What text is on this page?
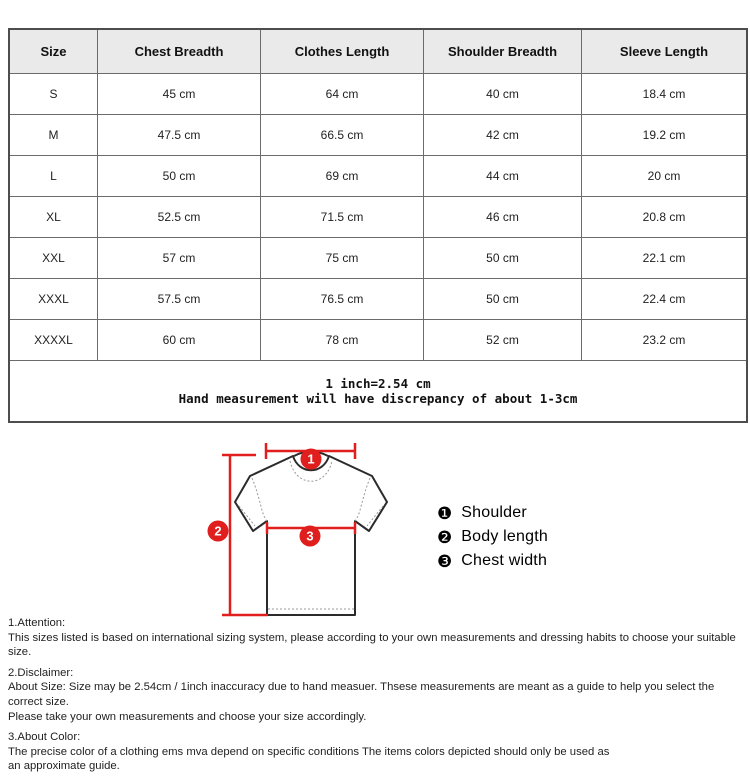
Size	Chest Breadth	Clothes Length	Shoulder Breadth	Sleeve Length
S	45 cm	64 cm	40 cm	18.4 cm
M	47.5 cm	66.5 cm	42 cm	19.2 cm
L	50 cm	69 cm	44 cm	20 cm
XL	52.5 cm	71.5 cm	46 cm	20.8 cm
XXL	57 cm	75 cm	50 cm	22.1 cm
XXXL	57.5 cm	76.5 cm	50 cm	22.4 cm
XXXXL	60 cm	78 cm	52 cm	23.2 cm

1 inch=2.54 cm
Hand measurement will have discrepancy of about 1-3cm				
1
2	3
❶ Shoulder
❷ Body length
❸ Chest width
1.Attention:
This sizes listed is based on international sizing system, please according to your own measurements and dressing habits to choose your suitable size.
2.Disclaimer:
About Size: Size may be 2.54cm / 1inch inaccuracy due to hand measuer. Thsese measurements are meant as a guide to help you select the correct size.
Please take your own measurements and choose your size accordingly.
3.About Color:
The precise color of a clothing ems mva depend on specific conditions The items colors depicted should only be used as
an approximate guide.
